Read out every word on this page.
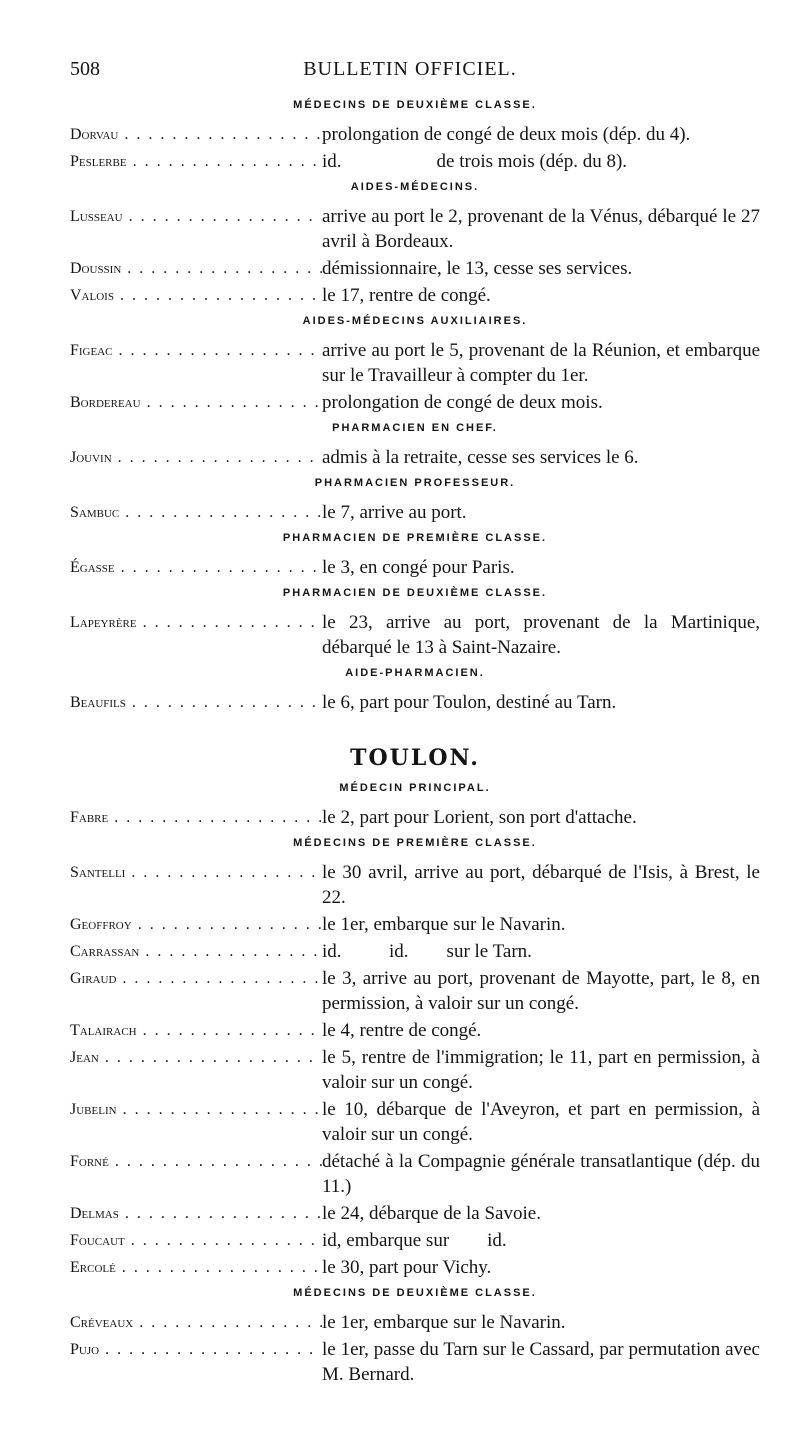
508	BULLETIN OFFICIEL.
MÉDECINS DE DEUXIÈME CLASSE.
Dorvau . . .	prolongation de congé de deux mois (dép. du 4).
Peslerbe . . .	id.                    de trois mois (dép. du 8).
AIDES-MÉDECINS.
Lusseau . . .	arrive au port le 2, provenant de la Vénus, débarqué le 27 avril à Bordeaux.
Doussin . . .	démissionnaire, le 13, cesse ses services.
Valois . . .	le 17, rentre de congé.
AIDES-MÉDECINS AUXILIAIRES.
Figeac . . .	arrive au port le 5, provenant de la Réunion, et embarque sur le Travailleur à compter du 1er.
Bordereau . . .	prolongation de congé de deux mois.
PHARMACIEN EN CHEF.
Jouvin . . .	admis à la retraite, cesse ses services le 6.
PHARMACIEN PROFESSEUR.
Sambuc . . .	le 7, arrive au port.
PHARMACIEN DE PREMIÈRE CLASSE.
Égasse . . .	le 3, en congé pour Paris.
PHARMACIEN DE DEUXIÈME CLASSE.
Lapeyrère . . .	le 23, arrive au port, provenant de la Martinique, débarqué le 13 à Saint-Nazaire.
AIDE-PHARMACIEN.
Beaufils . . .	le 6, part pour Toulon, destiné au Tarn.
TOULON.
MÉDECIN PRINCIPAL.
Fabre . . .	le 2, part pour Lorient, son port d'attache.
MÉDECINS DE PREMIÈRE CLASSE.
Santelli . . .	le 30 avril, arrive au port, débarqué de l'Isis, à Brest, le 22.
Geoffroy . . .	le 1er, embarque sur le Navarin.
Carrassan . . .	id.          id.        sur le Tarn.
Giraud . . .	le 3, arrive au port, provenant de Mayotte, part, le 8, en permission, à valoir sur un congé.
Talairach . . .	le 4, rentre de congé.
Jean . . .	le 5, rentre de l'immigration; le 11, part en permission, à valoir sur un congé.
Jubelin . . .	le 10, débarque de l'Aveyron, et part en permission, à valoir sur un congé.
Forné . . .	détaché à la Compagnie générale transatlantique (dép. du 11.)
Delmas . . .	le 24, débarque de la Savoie.
Foucaut . . .	id, embarque sur        id.
Ercolé . . .	le 30, part pour Vichy.
MÉDECINS DE DEUXIÈME CLASSE.
Créveaux . . .	le 1er, embarque sur le Navarin.
Pujo . . .	le 1er, passe du Tarn sur le Cassard, par permutation avec M. Bernard.
